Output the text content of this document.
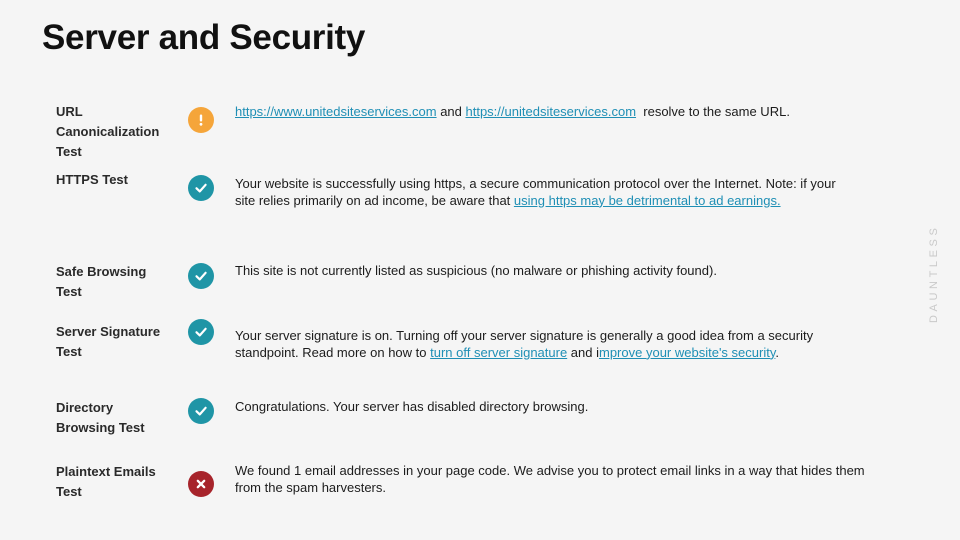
Server and Security
URL Canonicalization Test
https://www.unitedsiteservices.com and https://unitedsiteservices.com  resolve to the same URL.
HTTPS Test	Your website is successfully using https, a secure communication protocol over the Internet. Note: if your site relies primarily on ad income, be aware that using https may be detrimental to ad earnings.
Safe Browsing Test
This site is not currently listed as suspicious (no malware or phishing activity found).
Server Signature Test
Your server signature is on. Turning off your server signature is generally a good idea from a security standpoint. Read more on how to turn off server signature and improve your website's security.
Directory Browsing Test
Congratulations. Your server has disabled directory browsing.
Plaintext Emails Test
We found 1 email addresses in your page code. We advise you to protect email links in a way that hides them from the spam harvesters.
DAUNTLESS
